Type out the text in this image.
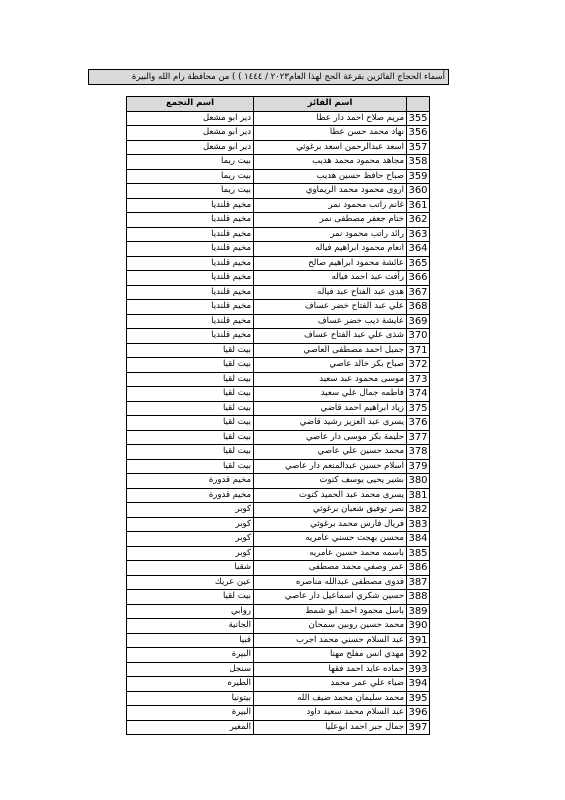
أسماء الحجاج الفائزين بقرعة الحج لهذا العام٢٠٢٣ / ١٤٤٤ ) ) من محافظة رام الله والبيرة
	اسم الفائز	اسم التجمع
355	مريم صلاح احمد دار عطا	دير ابو مشعل
356	نهاد محمد حسن عطا	دير ابو مشعل
357	اسعد عبدالرحمن اسعد برغوثي	دير ابو مشعل
358	مجاهد محمود محمد هديب	بيت ريما
359	صباح حافظ حسين هديب	بيت ريما
360	اروى محمود محمد الريماوي	بيت ريما
361	غانم راتب محمود نمر	مخيم قلنديا
362	ختام جعفر مصطفى نمر	مخيم قلنديا
363	رائد راتب محمود نمر	مخيم قلنديا
364	انعام محمود ابراهيم فياله	مخيم قلنديا
365	عائشة محمود ابراهيم صالح	مخيم قلنديا
366	رأفت عبد احمد فياله	مخيم قلنديا
367	هدى عبد الفتاح عبد فياله	مخيم قلنديا
368	علي عبد الفتاح خضر عساف	مخيم قلنديا
369	عايشة ذيب خضر عساف	مخيم قلنديا
370	شذى علي عبد الفتاح عساف	مخيم قلنديا
371	جميل احمد مصطفى العاصي	بيت لقيا
372	صباح بكر خالد عاصي	بيت لقيا
373	موسى محمود عبد سعيد	بيت لقيا
374	فاطمه جمال علي سعيد	بيت لقيا
375	زياد ابراهيم احمد قاضي	بيت لقيا
376	يسرى عبد العزيز رشيد قاضي	بيت لقيا
377	حليمة بكر موسى دار عاصي	بيت لقيا
378	محمد حسين علي عاصي	بيت لقيا
379	اسلام حسين عبدالمنعم دار عاصي	بيت لقيا
380	بشير يحيى يوسف كتوت	مخيم قدورة
381	يسرى محمد عبد الحميد كتوت	مخيم قدورة
382	نصر توفيق شعبان برغوثي	كوبر
383	فريال فارس محمد برغوثي	كوبر
384	محسن بهجت حسني عامريه	كوبر
385	باسمه محمد حسين عامريه	كوبر
386	عمر وصفي محمد مصطفى	شقبا
387	فدوى مصطفى عبدالله مناصره	عين عريك
388	حسين شكري اسماعيل دار عاصي	بيت لقيا
389	باسل محمود احمد ابو شمط	روابي
390	محمد حسين روبين سمحان	الجانية
391	عبد السلام حسني محمد اجرب	قبيا
392	مهدي انس مفلح مهنا	البيرة
393	حماده عايد احمد فقها	سنجل
394	ضياء علي عمر محمد	الطيره
395	محمد سليمان محمد ضيف الله	بيتونيا
396	عبد السلام محمد سعيد داود	البيرة
397	جمال جبر احمد ابوعليا	المغير
